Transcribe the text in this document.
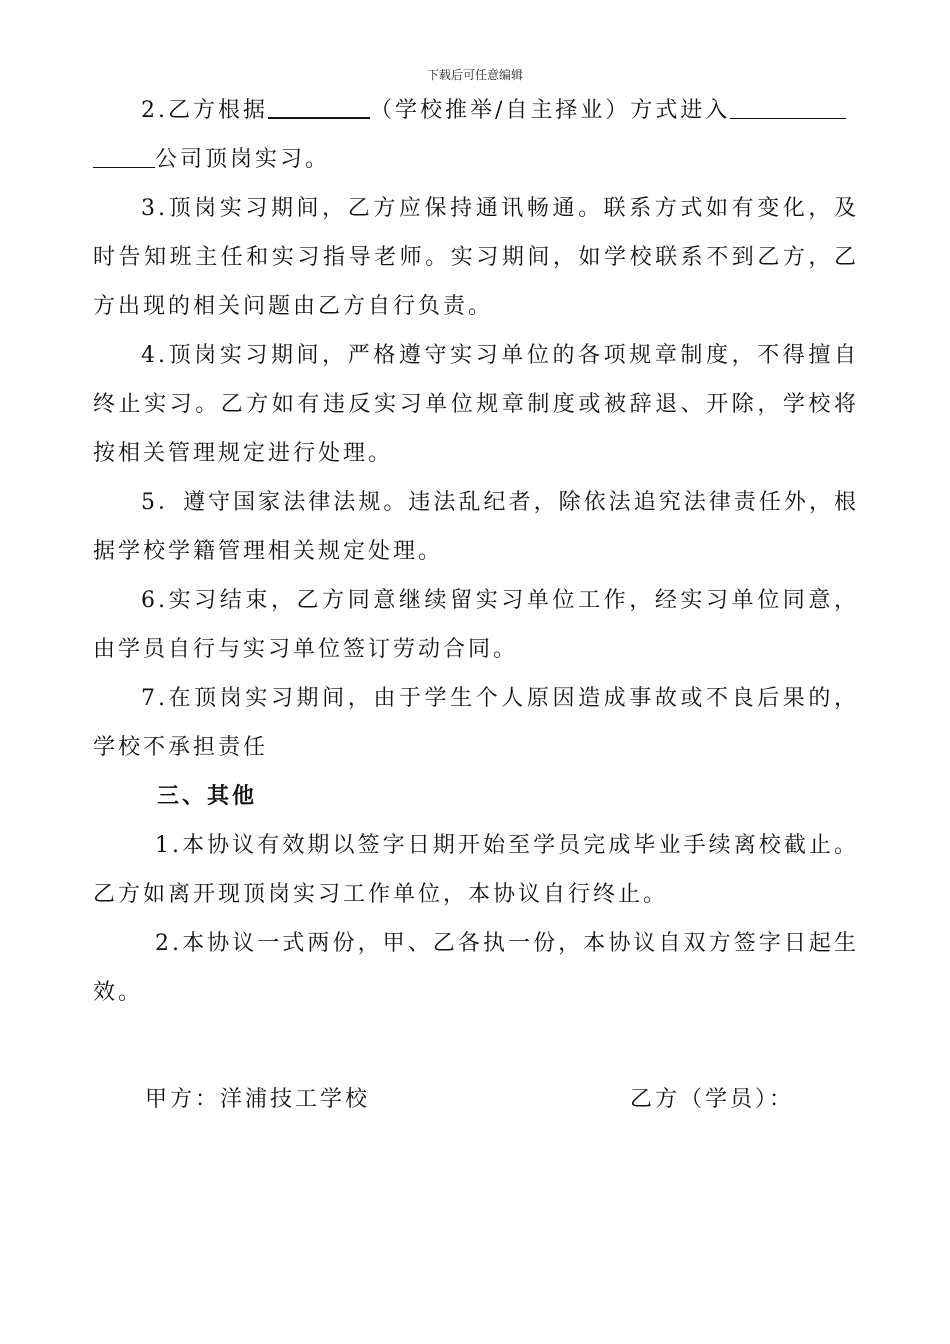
下载后可任意编辑

2.乙方根据	（学校推举/自主择业）方式进入
公司顶岗实习。

3.顶岗实习期间，乙方应保持通讯畅通。联系方式如有变化，及时告知班主任和实习指导老师。实习期间，如学校联系不到乙方，乙方出现的相关问题由乙方自行负责。

4.顶岗实习期间，严格遵守实习单位的各项规章制度，不得擅自终止实习。乙方如有违反实习单位规章制度或被辞退、开除，学校将按相关管理规定进行处理。

5．遵守国家法律法规。违法乱纪者，除依法追究法律责任外，根据学校学籍管理相关规定处理。

6.实习结束，乙方同意继续留实习单位工作，经实习单位同意，由学员自行与实习单位签订劳动合同。

7.在顶岗实习期间，由于学生个人原因造成事故或不良后果的，学校不承担责任

三、其他

1.本协议有效期以签字日期开始至学员完成毕业手续离校截止。乙方如离开现顶岗实习工作单位，本协议自行终止。

2.本协议一式两份，甲、乙各执一份，本协议自双方签字日起生效。

甲方：洋浦技工学校	乙方（学员）：
